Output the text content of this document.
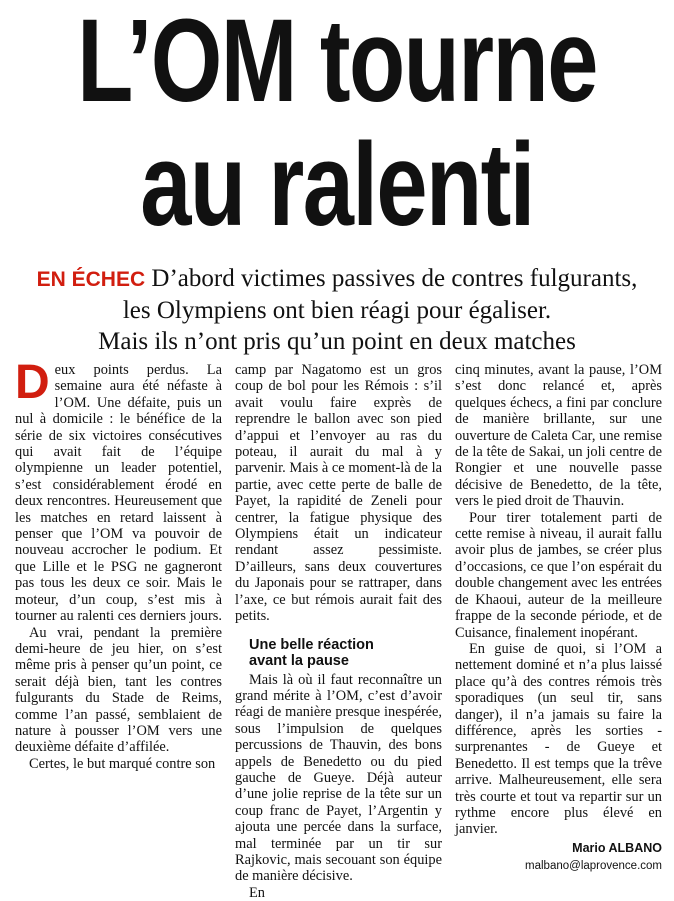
L’OM tourne
au ralenti
EN ÉCHEC D’abord victimes passives de contres fulgurants,
les Olympiens ont bien réagi pour égaliser.
Mais ils n’ont pris qu’un point en deux matches

Deux points perdus. La semaine aura été néfaste à l’OM. Une défaite, puis un nul à domicile : le bénéfice de la série de six victoires consécutives qui avait fait de l’équipe olympienne un leader potentiel, s’est considérablement érodé en deux rencontres. Heureusement que les matches en retard laissent à penser que l’OM va pouvoir de nouveau accrocher le podium. Et que Lille et le PSG ne gagneront pas tous les deux ce soir. Mais le moteur, d’un coup, s’est mis à tourner au ralenti ces derniers jours.

Au vrai, pendant la première demi-heure de jeu hier, on s’est même pris à penser qu’un point, ce serait déjà bien, tant les contres fulgurants du Stade de Reims, comme l’an passé, semblaient de nature à pousser l’OM vers une deuxième défaite d’affilée.

Certes, le but marqué contre son

camp par Nagatomo est un gros coup de bol pour les Rémois : s’il avait voulu faire exprès de reprendre le ballon avec son pied d’appui et l’envoyer au ras du poteau, il aurait du mal à y parvenir. Mais à ce moment-là de la partie, avec cette perte de balle de Payet, la rapidité de Zeneli pour centrer, la fatigue physique des Olympiens était un indicateur rendant assez pessimiste. D’ailleurs, sans deux couvertures du Japonais pour se rattraper, dans l’axe, ce but rémois aurait fait des petits.

Une belle réaction
avant la pause

Mais là où il faut reconnaître un grand mérite à l’OM, c’est d’avoir réagi de manière presque inespérée, sous l’impulsion de quelques percussions de Thauvin, des bons appels de Benedetto ou du pied gauche de Gueye. Déjà auteur d’une jolie reprise de la tête sur un coup franc de Payet, l’Argentin y ajouta une percée dans la surface, mal terminée par un tir sur Rajkovic, mais secouant son équipe de manière décisive.

En

cinq minutes, avant la pause, l’OM s’est donc relancé et, après quelques échecs, a fini par conclure de manière brillante, sur une ouverture de Caleta Car, une remise de la tête de Sakai, un joli centre de Rongier et une nouvelle passe décisive de Benedetto, de la tête, vers le pied droit de Thauvin.

Pour tirer totalement parti de cette remise à niveau, il aurait fallu avoir plus de jambes, se créer plus d’occasions, ce que l’on espérait du double changement avec les entrées de Khaoui, auteur de la meilleure frappe de la seconde période, et de Cuisance, finalement inopérant.

En guise de quoi, si l’OM a nettement dominé et n’a plus laissé place qu’à des contres rémois très sporadiques (un seul tir, sans danger), il n’a jamais su faire la différence, après les sorties - surprenantes - de Gueye et Benedetto. Il est temps que la trêve arrive. Malheureusement, elle sera très courte et tout va repartir sur un rythme encore plus élevé en janvier.

Mario ALBANO
malbano@laprovence.com
